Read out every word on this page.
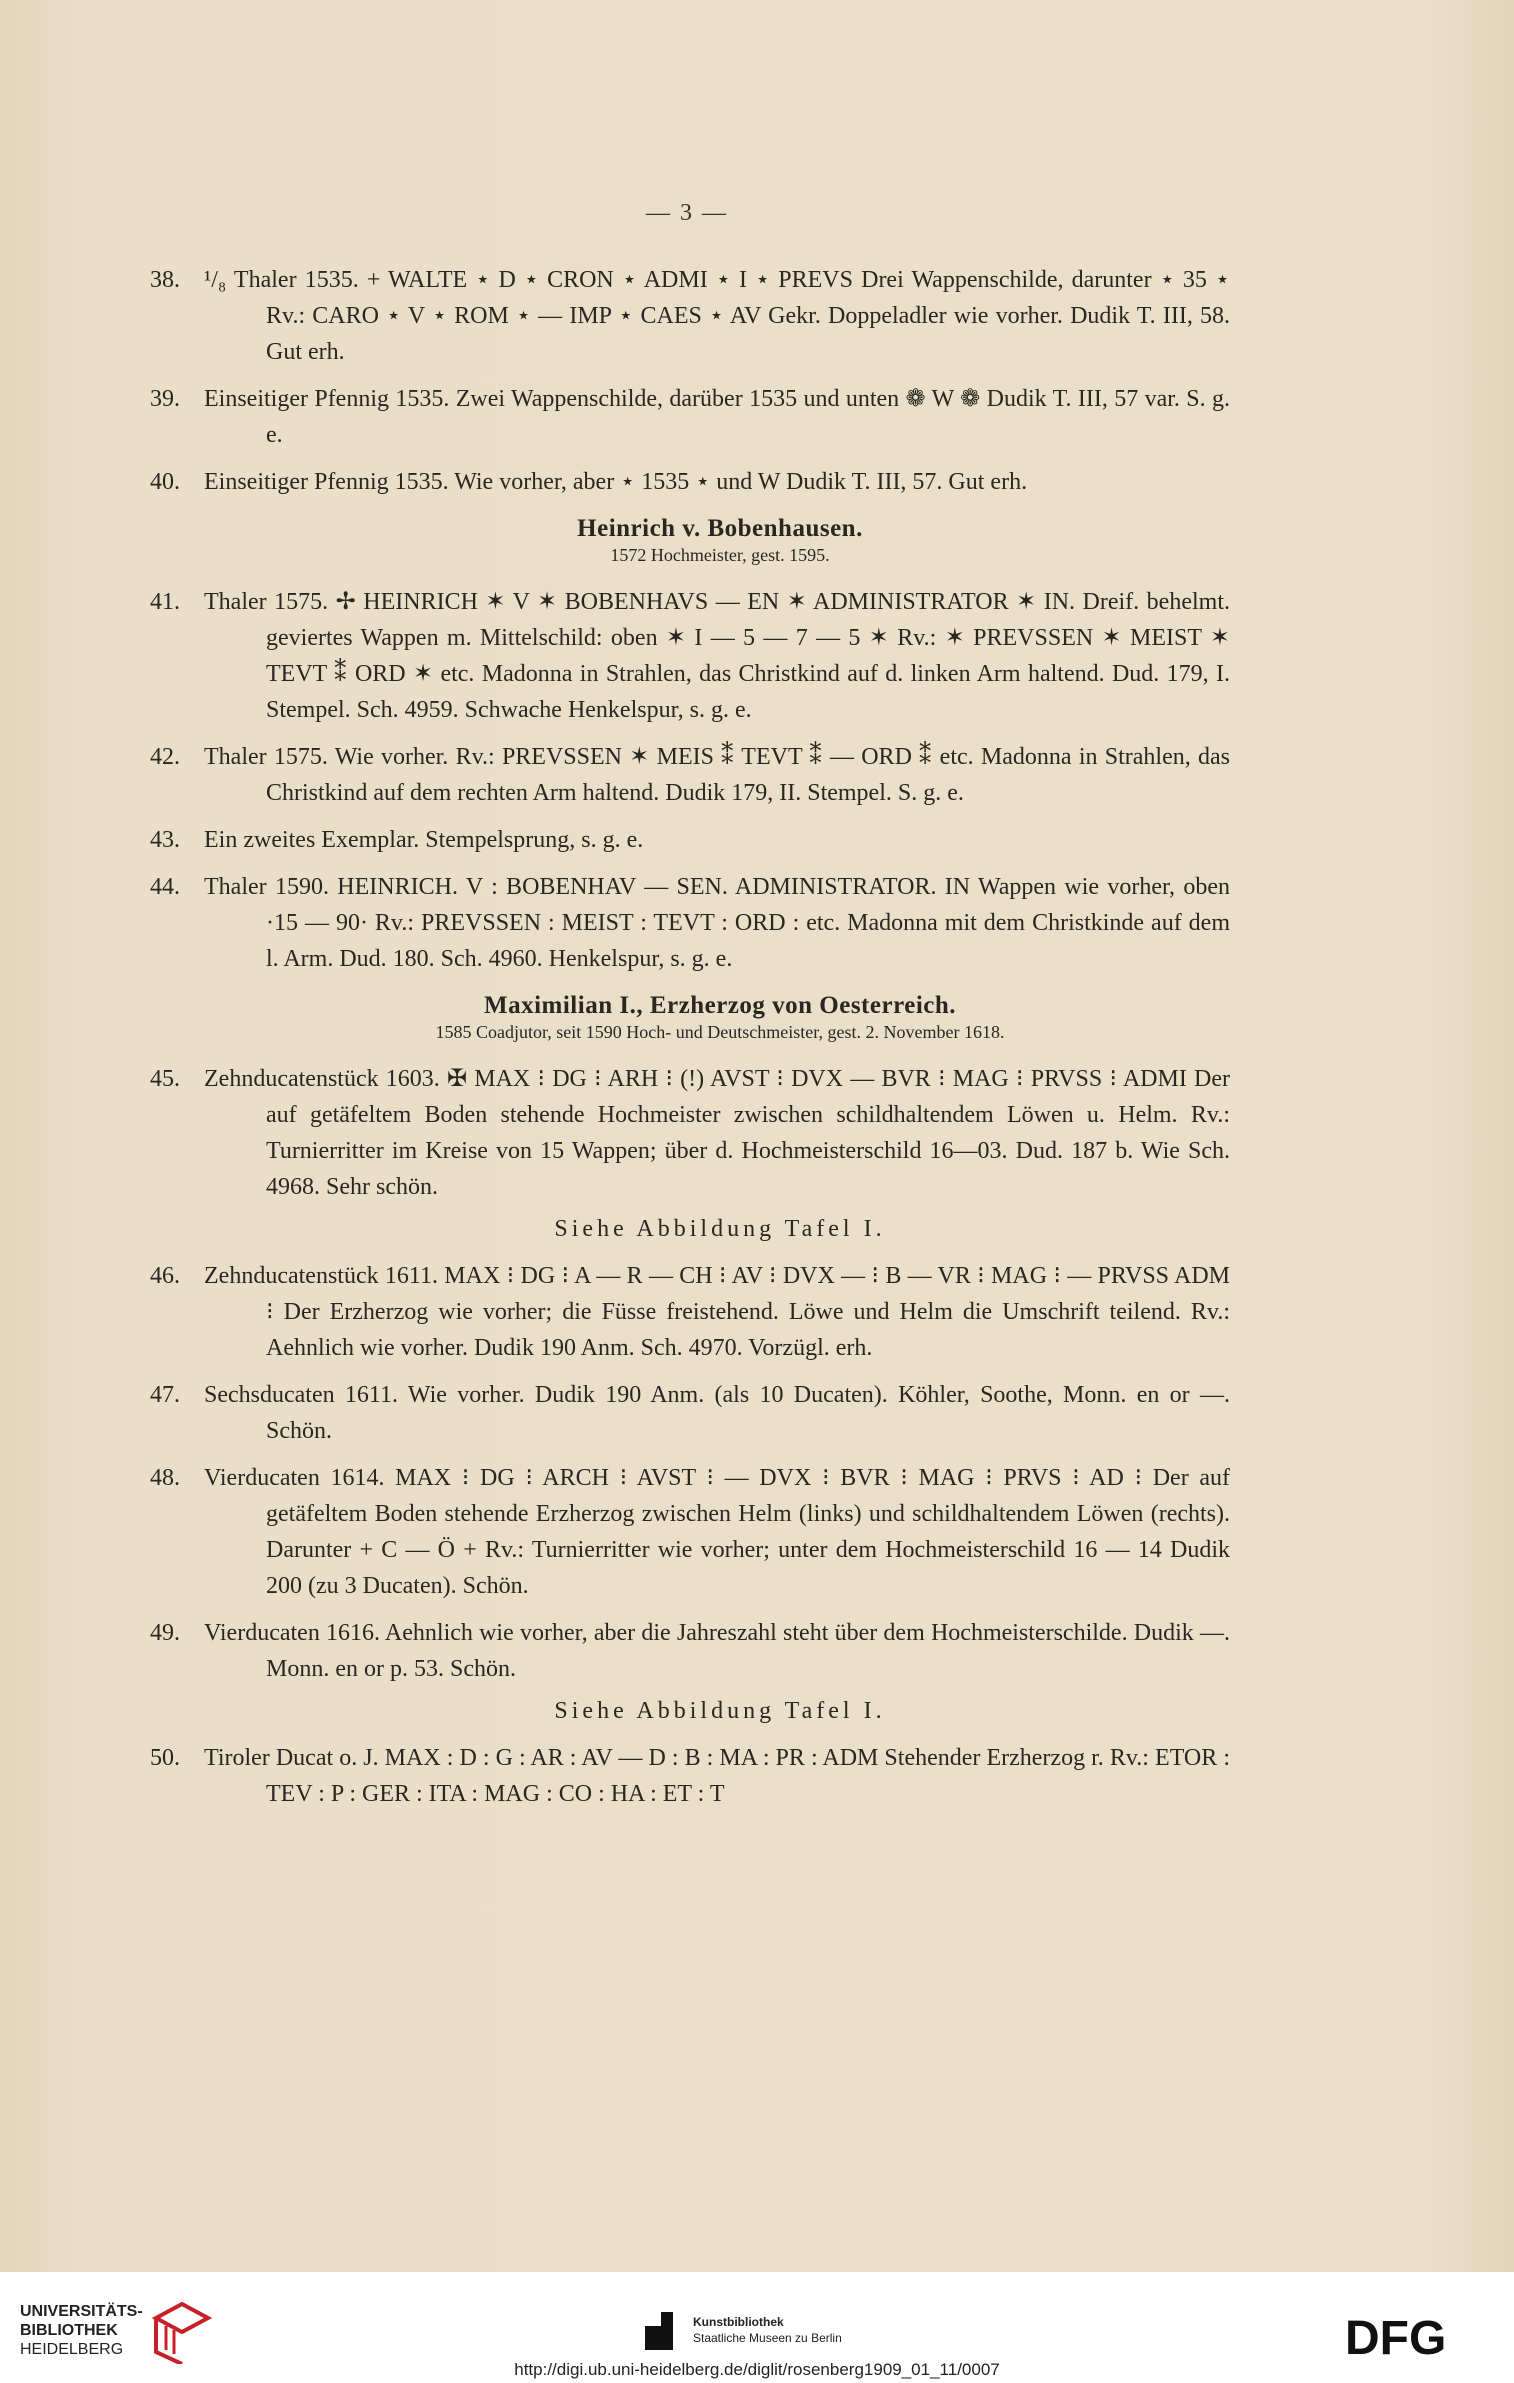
— 3 —
38.	¹/₈ Thaler 1535. + WALTE ⋆ D ⋆ CRON ⋆ ADMI ⋆ I ⋆ PREVS Drei Wappenschilde, darunter ⋆ 35 ⋆ Rv.: CARO ⋆ V ⋆ ROM ⋆ — IMP ⋆ CAES ⋆ AV Gekr. Doppeladler wie vorher. Dudik T. III, 58. Gut erh.
39.	Einseitiger Pfennig 1535. Zwei Wappenschilde, darüber 1535 und unten ❁ W ❁ Dudik T. III, 57 var. S. g. e.
40.	Einseitiger Pfennig 1535. Wie vorher, aber ⋆ 1535 ⋆ und W Dudik T. III, 57. Gut erh.
Heinrich v. Bobenhausen.
1572 Hochmeister, gest. 1595.
41.	Thaler 1575. ✢ HEINRICH ✶ V ✶ BOBENHAVS — EN ✶ ADMINISTRATOR ✶ IN. Dreif. behelmt. geviertes Wappen m. Mittelschild: oben ✶ I — 5 — 7 — 5 ✶ Rv.: ✶ PREVSSEN ✶ MEIST ✶ TEVT ⁑ ORD ✶ etc. Madonna in Strahlen, das Christkind auf d. linken Arm haltend. Dud. 179, I. Stempel. Sch. 4959. Schwache Henkelspur, s. g. e.
42.	Thaler 1575. Wie vorher. Rv.: PREVSSEN ✶ MEIS ⁑ TEVT ⁑ — ORD ⁑ etc. Madonna in Strahlen, das Christkind auf dem rechten Arm haltend. Dudik 179, II. Stempel. S. g. e.
43.	Ein zweites Exemplar. Stempelsprung, s. g. e.
44.	Thaler 1590. HEINRICH. V : BOBENHAV — SEN. ADMINISTRATOR. IN Wappen wie vorher, oben ·15 — 90· Rv.: PREVSSEN : MEIST : TEVT : ORD : etc. Madonna mit dem Christkinde auf dem l. Arm. Dud. 180. Sch. 4960. Henkelspur, s. g. e.
Maximilian I., Erzherzog von Oesterreich.
1585 Coadjutor, seit 1590 Hoch- und Deutschmeister, gest. 2. November 1618.
45.	Zehnducatenstück 1603. ✠ MAX ⁝ DG ⁝ ARH ⁝ (!) AVST ⁝ DVX — BVR ⁝ MAG ⁝ PRVSS ⁝ ADMI Der auf getäfeltem Boden stehende Hochmeister zwischen schildhaltendem Löwen u. Helm. Rv.: Turnierritter im Kreise von 15 Wappen; über d. Hochmeisterschild 16—03. Dud. 187 b. Wie Sch. 4968. Sehr schön.
Siehe Abbildung Tafel I.
46.	Zehnducatenstück 1611. MAX ⁝ DG ⁝ A — R — CH ⁝ AV ⁝ DVX — ⁝ B — VR ⁝ MAG ⁝ — PRVSS ADM ⁝ Der Erzherzog wie vorher; die Füsse freistehend. Löwe und Helm die Umschrift teilend. Rv.: Aehnlich wie vorher. Dudik 190 Anm. Sch. 4970. Vorzügl. erh.
47.	Sechsducaten 1611. Wie vorher. Dudik 190 Anm. (als 10 Ducaten). Köhler, Soothe, Monn. en or —. Schön.
48.	Vierducaten 1614. MAX ⁝ DG ⁝ ARCH ⁝ AVST ⁝ — DVX ⁝ BVR ⁝ MAG ⁝ PRVS ⁝ AD ⁝ Der auf getäfeltem Boden stehende Erzherzog zwischen Helm (links) und schildhaltendem Löwen (rechts). Darunter + C — Ö + Rv.: Turnierritter wie vorher; unter dem Hochmeisterschild 16 — 14 Dudik 200 (zu 3 Ducaten). Schön.
49.	Vierducaten 1616. Aehnlich wie vorher, aber die Jahreszahl steht über dem Hochmeisterschilde. Dudik —. Monn. en or p. 53. Schön.
Siehe Abbildung Tafel I.
50.	Tiroler Ducat o. J. MAX : D : G : AR : AV — D : B : MA : PR : ADM Stehender Erzherzog r. Rv.: ETOR : TEV : P : GER : ITA : MAG : CO : HA : ET : T
UNIVERSITÄTS-
BIBLIOTHEK
HEIDELBERG
Kunstbibliothek
Staatliche Museen zu Berlin	DFG
http://digi.ub.uni-heidelberg.de/diglit/rosenberg1909_01_11/0007
